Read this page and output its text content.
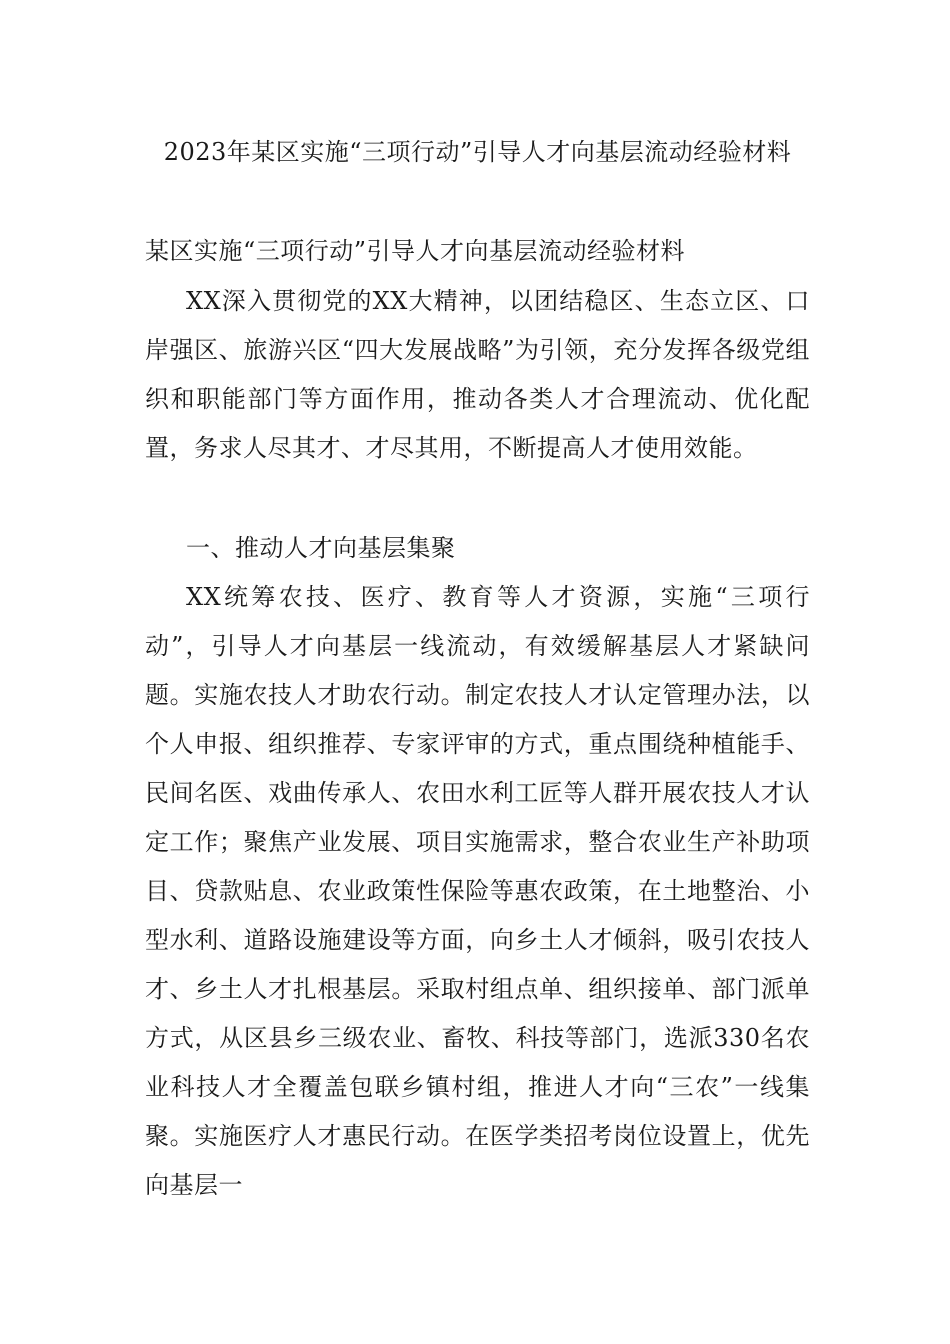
2023年某区实施“三项行动”引导人才向基层流动经验材料
某区实施“三项行动”引导人才向基层流动经验材料

XX深入贯彻党的XX大精神，以团结稳区、生态立区、口岸强区、旅游兴区“四大发展战略”为引领，充分发挥各级党组织和职能部门等方面作用，推动各类人才合理流动、优化配置，务求人尽其才、才尽其用，不断提高人才使用效能。

一、推动人才向基层集聚

XX统筹农技、医疗、教育等人才资源，实施“三项行动”，引导人才向基层一线流动，有效缓解基层人才紧缺问题。实施农技人才助农行动。制定农技人才认定管理办法，以个人申报、组织推荐、专家评审的方式，重点围绕种植能手、民间名医、戏曲传承人、农田水利工匠等人群开展农技人才认定工作；聚焦产业发展、项目实施需求，整合农业生产补助项目、贷款贴息、农业政策性保险等惠农政策，在土地整治、小型水利、道路设施建设等方面，向乡土人才倾斜，吸引农技人才、乡土人才扎根基层。采取村组点单、组织接单、部门派单方式，从区县乡三级农业、畜牧、科技等部门，选派330名农业科技人才全覆盖包联乡镇村组，推进人才向“三农”一线集聚。实施医疗人才惠民行动。在医学类招考岗位设置上，优先向基层一
